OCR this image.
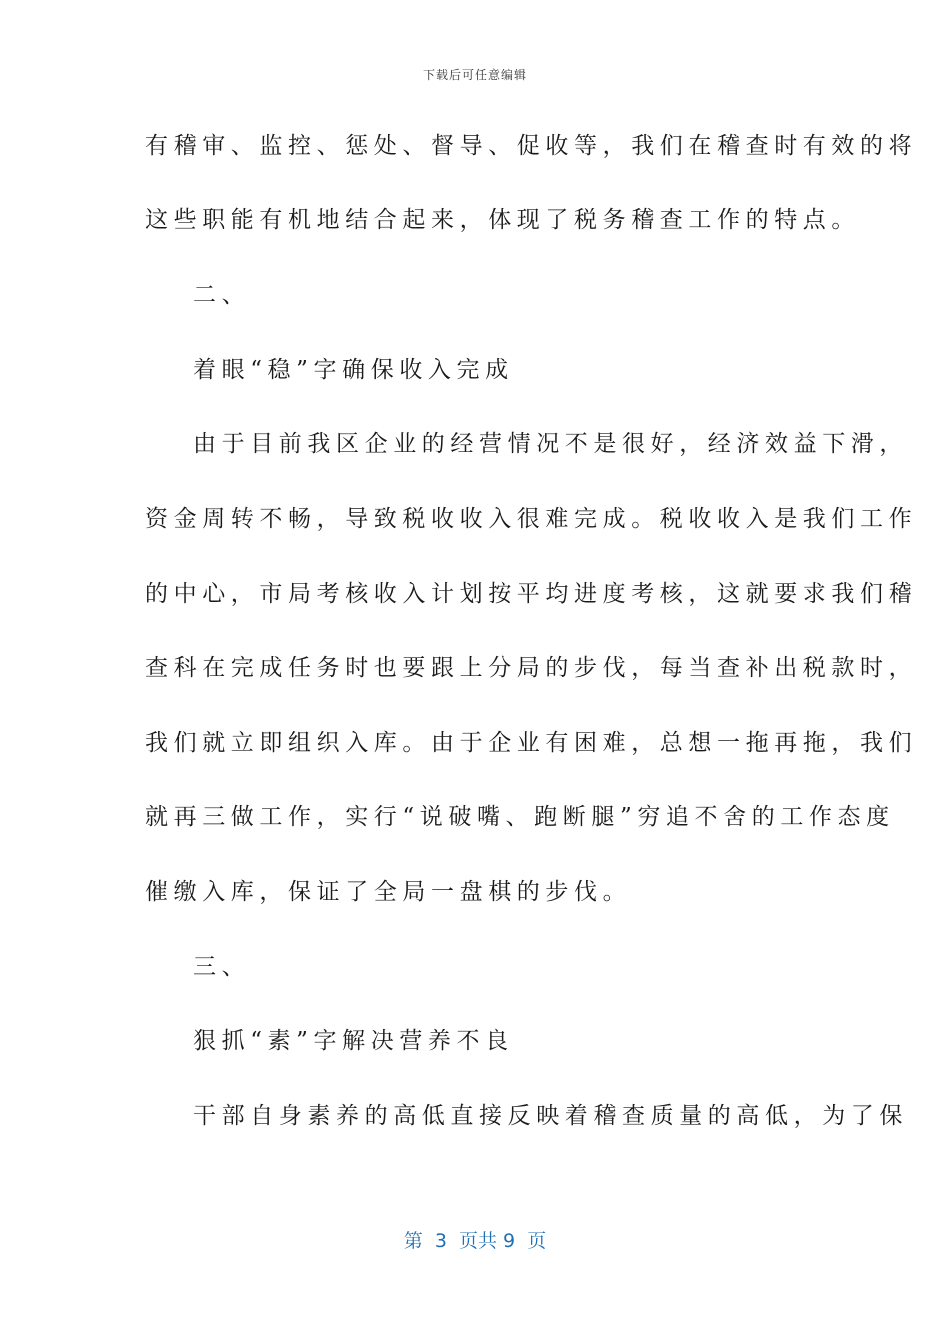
下载后可任意编辑
有稽审、监控、惩处、督导、促收等，我们在稽查时有效的将
这些职能有机地结合起来，体现了税务稽查工作的特点。
二、
着眼“稳”字确保收入完成
由于目前我区企业的经营情况不是很好，经济效益下滑，
资金周转不畅，导致税收收入很难完成。税收收入是我们工作
的中心，市局考核收入计划按平均进度考核，这就要求我们稽
查科在完成任务时也要跟上分局的步伐，每当查补出税款时，
我们就立即组织入库。由于企业有困难，总想一拖再拖，我们
就再三做工作，实行“说破嘴、跑断腿”穷追不舍的工作态度
催缴入库，保证了全局一盘棋的步伐。
三、
狠抓“素”字解决营养不良
干部自身素养的高低直接反映着稽查质量的高低，为了保
第  3  页共 9  页
